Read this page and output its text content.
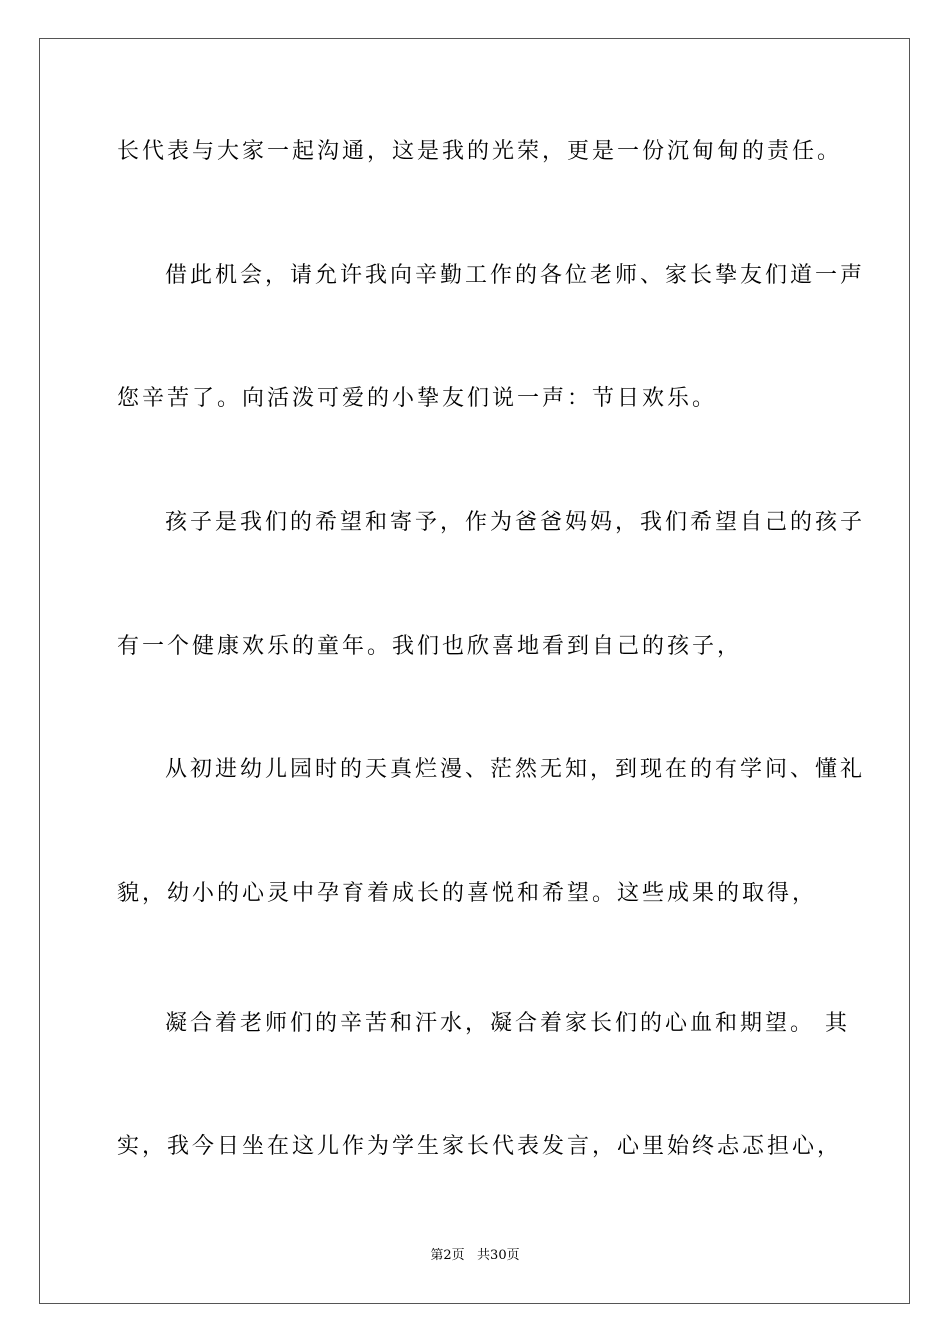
长代表与大家一起沟通，这是我的光荣，更是一份沉甸甸的责任。
借此机会，请允许我向辛勤工作的各位老师、家长挚友们道一声
您辛苦了。向活泼可爱的小挚友们说一声：节日欢乐。
孩子是我们的希望和寄予，作为爸爸妈妈，我们希望自己的孩子
有一个健康欢乐的童年。我们也欣喜地看到自己的孩子，
从初进幼儿园时的天真烂漫、茫然无知，到现在的有学问、懂礼
貌，幼小的心灵中孕育着成长的喜悦和希望。这些成果的取得，
凝合着老师们的辛苦和汗水，凝合着家长们的心血和期望。 其
实，我今日坐在这儿作为学生家长代表发言，心里始终忐忑担心，
第2页   共30页
